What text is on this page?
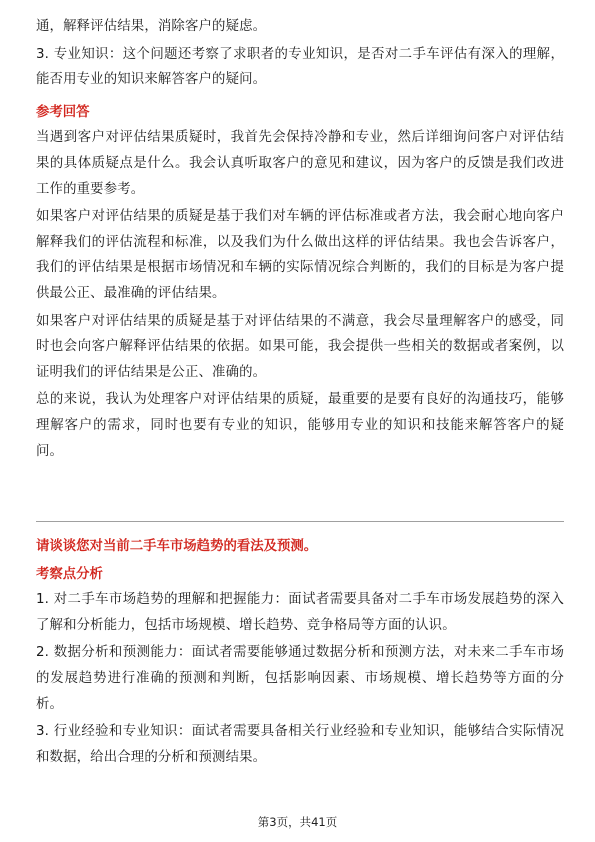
通，解释评估结果，消除客户的疑虑。

3. 专业知识：这个问题还考察了求职者的专业知识，是否对二手车评估有深入的理解，能否用专业的知识来解答客户的疑问。

参考回答

当遇到客户对评估结果质疑时，我首先会保持冷静和专业，然后详细询问客户对评估结果的具体质疑点是什么。我会认真听取客户的意见和建议，因为客户的反馈是我们改进工作的重要参考。

如果客户对评估结果的质疑是基于我们对车辆的评估标准或者方法，我会耐心地向客户解释我们的评估流程和标准，以及我们为什么做出这样的评估结果。我也会告诉客户，我们的评估结果是根据市场情况和车辆的实际情况综合判断的，我们的目标是为客户提供最公正、最准确的评估结果。

如果客户对评估结果的质疑是基于对评估结果的不满意，我会尽量理解客户的感受，同时也会向客户解释评估结果的依据。如果可能，我会提供一些相关的数据或者案例，以证明我们的评估结果是公正、准确的。

总的来说，我认为处理客户对评估结果的质疑，最重要的是要有良好的沟通技巧，能够理解客户的需求，同时也要有专业的知识，能够用专业的知识和技能来解答客户的疑问。

请谈谈您对当前二手车市场趋势的看法及预测。
考察点分析

1. 对二手车市场趋势的理解和把握能力：面试者需要具备对二手车市场发展趋势的深入了解和分析能力，包括市场规模、增长趋势、竞争格局等方面的认识。

2. 数据分析和预测能力：面试者需要能够通过数据分析和预测方法，对未来二手车市场的发展趋势进行准确的预测和判断，包括影响因素、市场规模、增长趋势等方面的分析。

3. 行业经验和专业知识：面试者需要具备相关行业经验和专业知识，能够结合实际情况和数据，给出合理的分析和预测结果。

第3页，共41页
